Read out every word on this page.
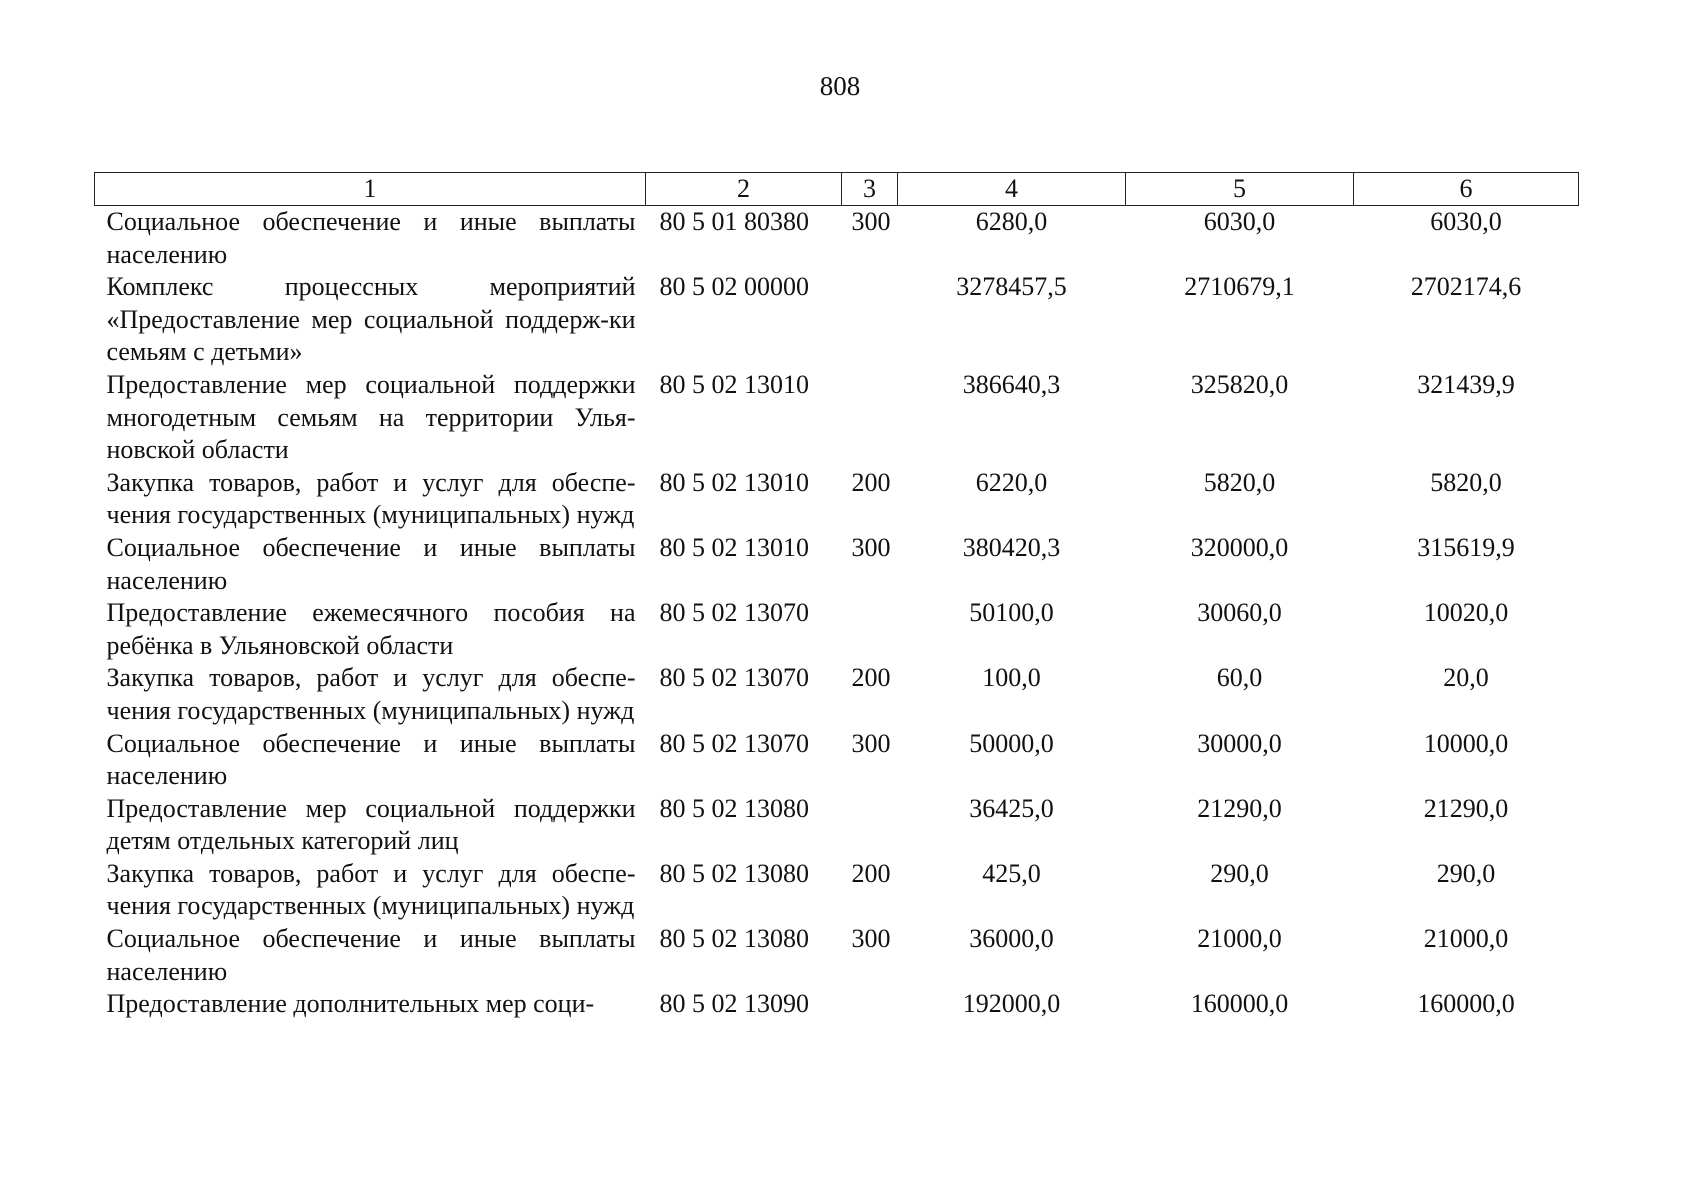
808
1	2	3	4	5	6
Социальное обеспечение и иные выплаты населению	80 5 01 80380	300	6280,0	6030,0	6030,0
Комплекс процессных мероприятий «Предоставление мер социальной поддерж-ки семьям с детьми»	80 5 02 00000		3278457,5	2710679,1	2702174,6
Предоставление мер социальной поддержки многодетным семьям на территории Улья-новской области	80 5 02 13010		386640,3	325820,0	321439,9
Закупка товаров, работ и услуг для обеспе-чения государственных (муниципальных) нужд	80 5 02 13010	200	6220,0	5820,0	5820,0
Социальное обеспечение и иные выплаты населению	80 5 02 13010	300	380420,3	320000,0	315619,9
Предоставление ежемесячного пособия на ребёнка в Ульяновской области	80 5 02 13070		50100,0	30060,0	10020,0
Закупка товаров, работ и услуг для обеспе-чения государственных (муниципальных) нужд	80 5 02 13070	200	100,0	60,0	20,0
Социальное обеспечение и иные выплаты населению	80 5 02 13070	300	50000,0	30000,0	10000,0
Предоставление мер социальной поддержки детям отдельных категорий лиц	80 5 02 13080		36425,0	21290,0	21290,0
Закупка товаров, работ и услуг для обеспе-чения государственных (муниципальных) нужд	80 5 02 13080	200	425,0	290,0	290,0
Социальное обеспечение и иные выплаты населению	80 5 02 13080	300	36000,0	21000,0	21000,0
Предоставление дополнительных мер соци-	80 5 02 13090		192000,0	160000,0	160000,0
